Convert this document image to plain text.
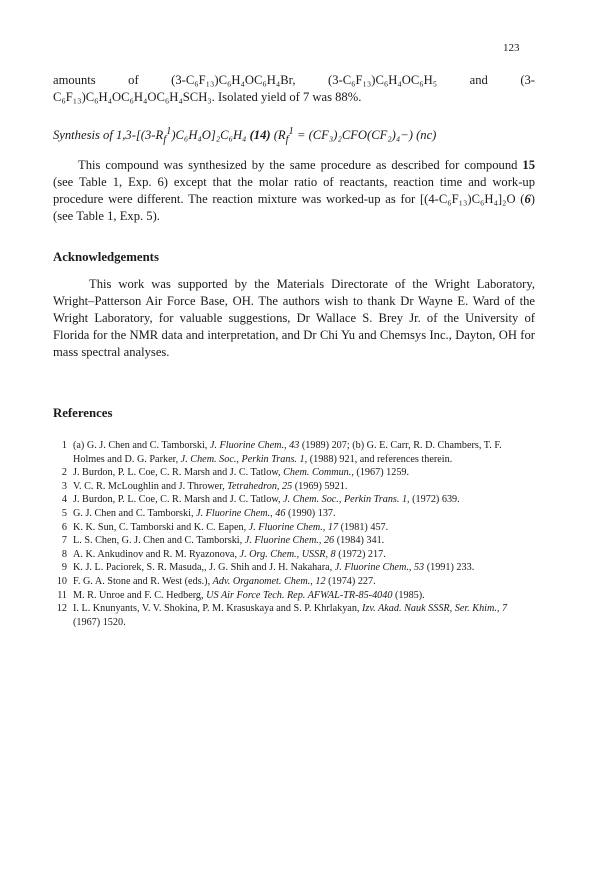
123
amounts of (3-C₆F₁₃)C₆H₄OC₆H₄Br, (3-C₆F₁₃)C₆H₄OC₆H₅ and (3-C₆F₁₃)C₆H₄OC₆H₄OC₆H₄SCH₃. Isolated yield of 7 was 88%.
Synthesis of $1,3-[(3-R_f^1)C_6H_4O]_2C_6H_4$ (14) $(R_f^1 = (CF_3)_2CFO(CF_2)_4-)$ (nc)
This compound was synthesized by the same procedure as described for compound 15 (see Table 1, Exp. 6) except that the molar ratio of reactants, reaction time and work-up procedure were different. The reaction mixture was worked-up as for [(4-C₆F₁₃)C₆H₄]₂O (6) (see Table 1, Exp. 5).
Acknowledgements
This work was supported by the Materials Directorate of the Wright Laboratory, Wright–Patterson Air Force Base, OH. The authors wish to thank Dr Wayne E. Ward of the Wright Laboratory, for valuable suggestions, Dr Wallace S. Brey Jr. of the University of Florida for the NMR data and interpretation, and Dr Chi Yu and Chemsys Inc., Dayton, OH for mass spectral analyses.
References
1 (a) G. J. Chen and C. Tamborski, J. Fluorine Chem., 43 (1989) 207; (b) G. E. Carr, R. D. Chambers, T. F. Holmes and D. G. Parker, J. Chem. Soc., Perkin Trans. 1, (1988) 921, and references therein.
2 J. Burdon, P. L. Coe, C. R. Marsh and J. C. Tatlow, Chem. Commun., (1967) 1259.
3 V. C. R. McLoughlin and J. Thrower, Tetrahedron, 25 (1969) 5921.
4 J. Burdon, P. L. Coe, C. R. Marsh and J. C. Tatlow, J. Chem. Soc., Perkin Trans. 1, (1972) 639.
5 G. J. Chen and C. Tamborski, J. Fluorine Chem., 46 (1990) 137.
6 K. K. Sun, C. Tamborski and K. C. Eapen, J. Fluorine Chem., 17 (1981) 457.
7 L. S. Chen, G. J. Chen and C. Tamborski, J. Fluorine Chem., 26 (1984) 341.
8 A. K. Ankudinov and R. M. Ryazonova, J. Org. Chem., USSR, 8 (1972) 217.
9 K. J. L. Paciorek, S. R. Masuda,, J. G. Shih and J. H. Nakahara, J. Fluorine Chem., 53 (1991) 233.
10 F. G. A. Stone and R. West (eds.), Adv. Organomet. Chem., 12 (1974) 227.
11 M. R. Unroe and F. C. Hedberg, US Air Force Tech. Rep. AFWAL-TR-85-4040 (1985).
12 I. L. Knunyants, V. V. Shokina, P. M. Krasuskaya and S. P. Khrlakyan, Izv. Akad. Nauk SSSR, Ser. Khim., 7 (1967) 1520.
